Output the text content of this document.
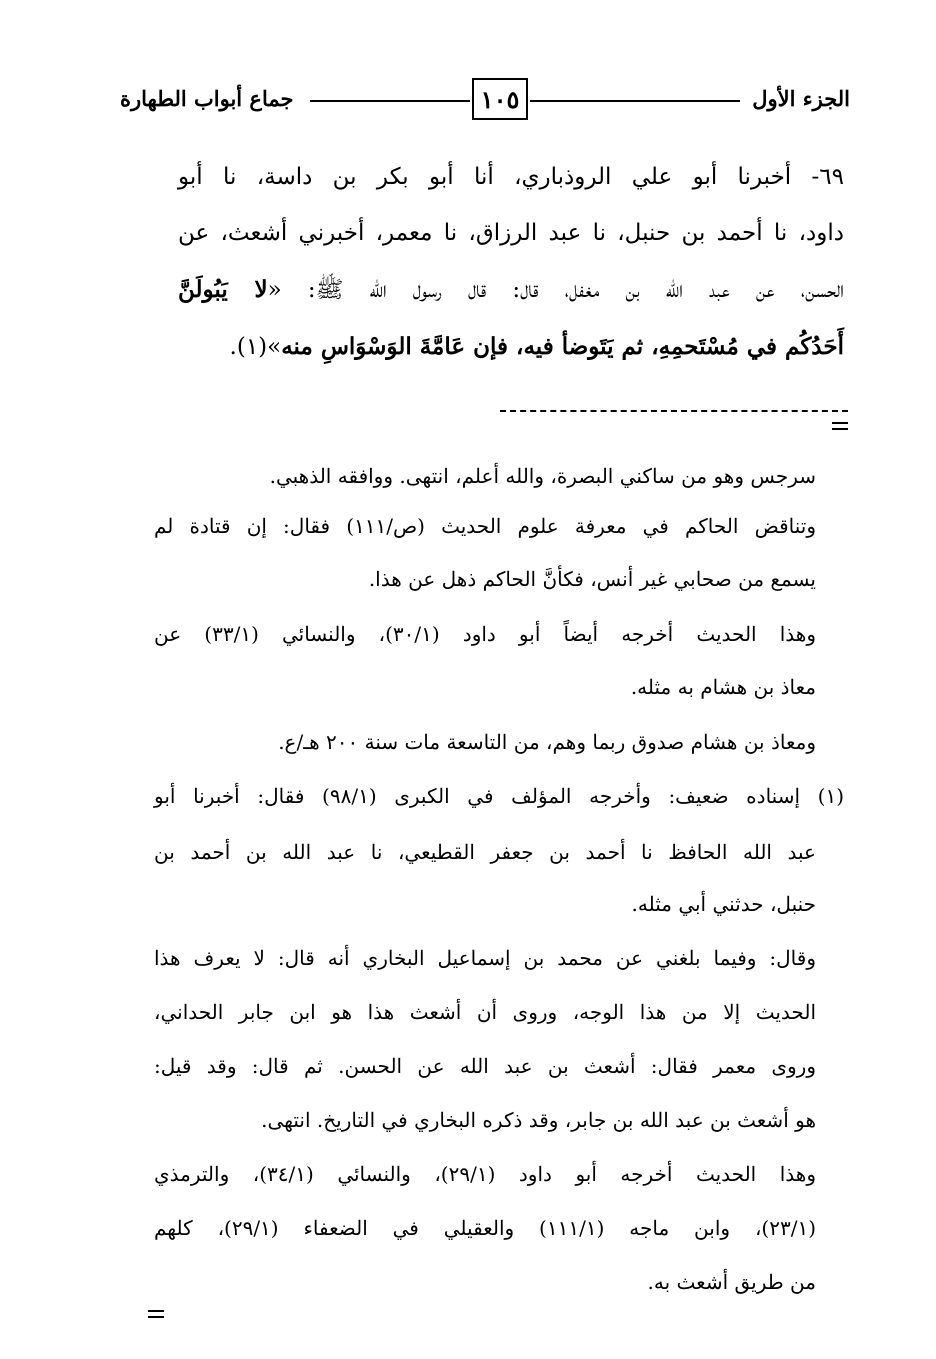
الجزء الأول
١٠٥
جماع أبواب الطهارة
٦٩- أخبرنا أبو علي الروذباري، أنا أبو بكر بن داسة، نا أبو
داود، نا أحمد بن حنبل، نا عبد الرزاق، نا معمر، أخبرني أشعث، عن
الحسن، عن عبد الله بن مغفل، قال: قال رسول الله ﷺ: «لا يَبُولَنَّ
أَحَدُكُم في مُسْتَحمِهِ، ثم يَتَوضأ فيه، فإن عَامَّةَ الوَسْوَاسِ منه»(١).
سرجس وهو من ساكني البصرة، والله أعلم، انتهى. ووافقه الذهبي.
وتناقض الحاكم في معرفة علوم الحديث (ص/١١١) فقال: إن قتادة لم
يسمع من صحابي غير أنس، فكأنَّ الحاكم ذهل عن هذا.
وهذا الحديث أخرجه أيضاً أبو داود (٣٠/١)، والنسائي (٣٣/١) عن
معاذ بن هشام به مثله.
ومعاذ بن هشام صدوق ربما وهم، من التاسعة مات سنة ٢٠٠ هـ/ع.
(١) إسناده ضعيف: وأخرجه المؤلف في الكبرى (٩٨/١) فقال: أخبرنا أبو
عبد الله الحافظ نا أحمد بن جعفر القطيعي، نا عبد الله بن أحمد بن
حنبل، حدثني أبي مثله.
وقال: وفيما بلغني عن محمد بن إسماعيل البخاري أنه قال: لا يعرف هذا
الحديث إلا من هذا الوجه، وروى أن أشعث هذا هو ابن جابر الحداني،
وروى معمر فقال: أشعث بن عبد الله عن الحسن. ثم قال: وقد قيل:
هو أشعث بن عبد الله بن جابر، وقد ذكره البخاري في التاريخ. انتهى.
وهذا الحديث أخرجه أبو داود (٢٩/١)، والنسائي (٣٤/١)، والترمذي
(٢٣/١)، وابن ماجه (١١١/١) والعقيلي في الضعفاء (٢٩/١)، كلهم
من طريق أشعث به.
